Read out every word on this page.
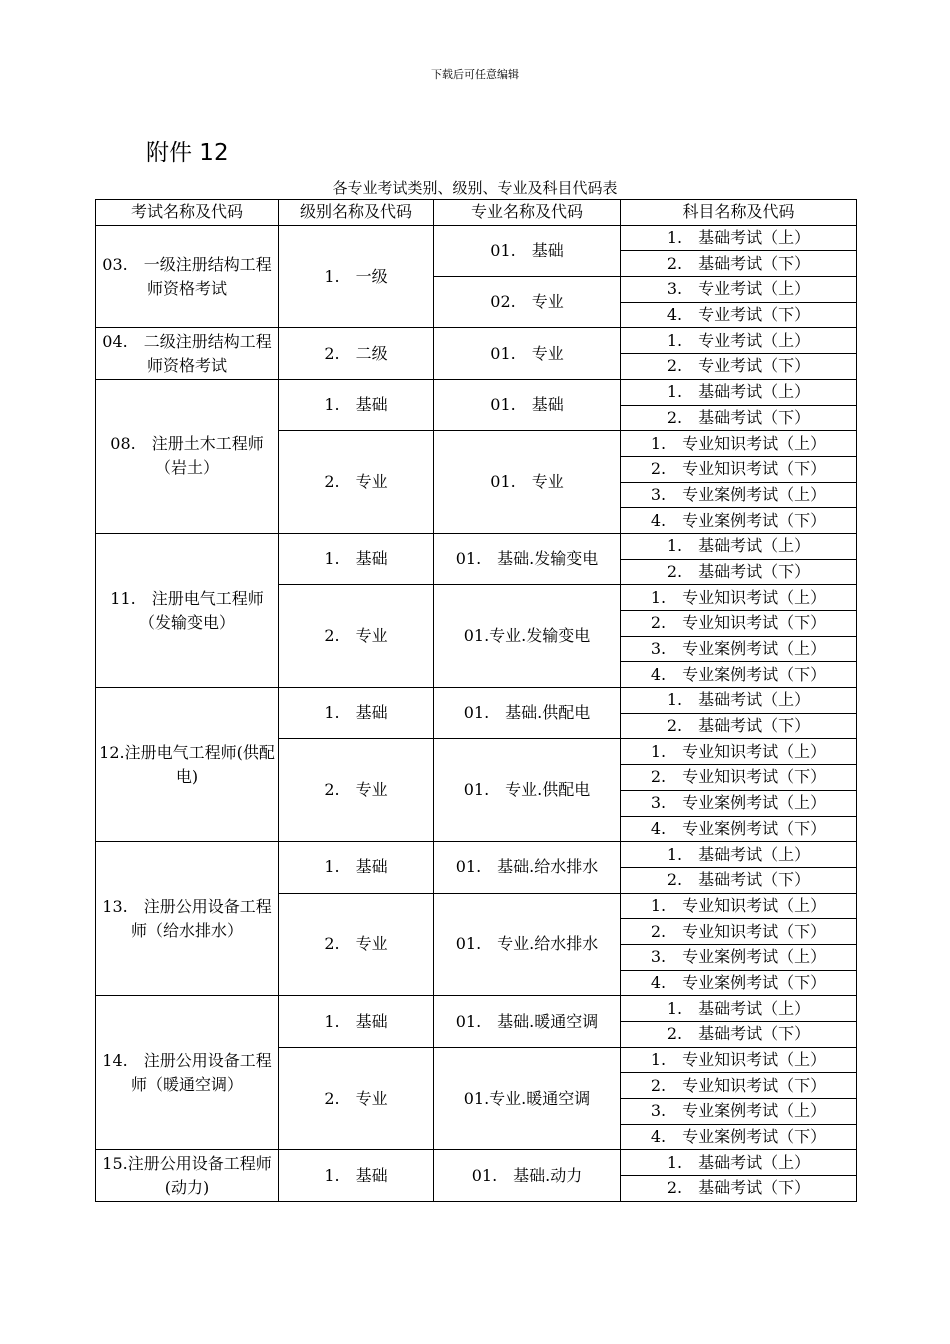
下载后可任意编辑
附件 12
各专业考试类别、级别、专业及科目代码表
考试名称及代码	级别名称及代码	专业名称及代码	科目名称及代码
03.　一级注册结构工程师资格考试	1.　一级	01.　基础	1.　基础考试（上）
			2.　基础考试（下）
		02.　专业	3.　专业考试（上）
			4.　专业考试（下）
04.　二级注册结构工程师资格考试	2.　二级	01.　专业	1.　专业考试（上）
			2.　专业考试（下）
08.　注册土木工程师（岩土）	1.　基础	01.　基础	1.　基础考试（上）
			2.　基础考试（下）
	2.　专业	01.　专业	1.　专业知识考试（上）
			2.　专业知识考试（下）
			3.　专业案例考试（上）
			4.　专业案例考试（下）
11.　注册电气工程师（发输变电）	1.　基础	01.　基础.发输变电	1.　基础考试（上）
			2.　基础考试（下）
	2.　专业	01.专业.发输变电	1.　专业知识考试（上）
			2.　专业知识考试（下）
			3.　专业案例考试（上）
			4.　专业案例考试（下）
12.注册电气工程师(供配电)	1.　基础	01.　基础.供配电	1.　基础考试（上）
			2.　基础考试（下）
	2.　专业	01.　专业.供配电	1.　专业知识考试（上）
			2.　专业知识考试（下）
			3.　专业案例考试（上）
			4.　专业案例考试（下）
13.　注册公用设备工程师（给水排水）	1.　基础	01.　基础.给水排水	1.　基础考试（上）
			2.　基础考试（下）
	2.　专业	01.　专业.给水排水	1.　专业知识考试（上）
			2.　专业知识考试（下）
			3.　专业案例考试（上）
			4.　专业案例考试（下）
14.　注册公用设备工程师（暖通空调）	1.　基础	01.　基础.暖通空调	1.　基础考试（上）
			2.　基础考试（下）
	2.　专业	01.专业.暖通空调	1.　专业知识考试（上）
			2.　专业知识考试（下）
			3.　专业案例考试（上）
			4.　专业案例考试（下）
15.注册公用设备工程师(动力)	1.　基础	01.　基础.动力	1.　基础考试（上）
			2.　基础考试（下）
